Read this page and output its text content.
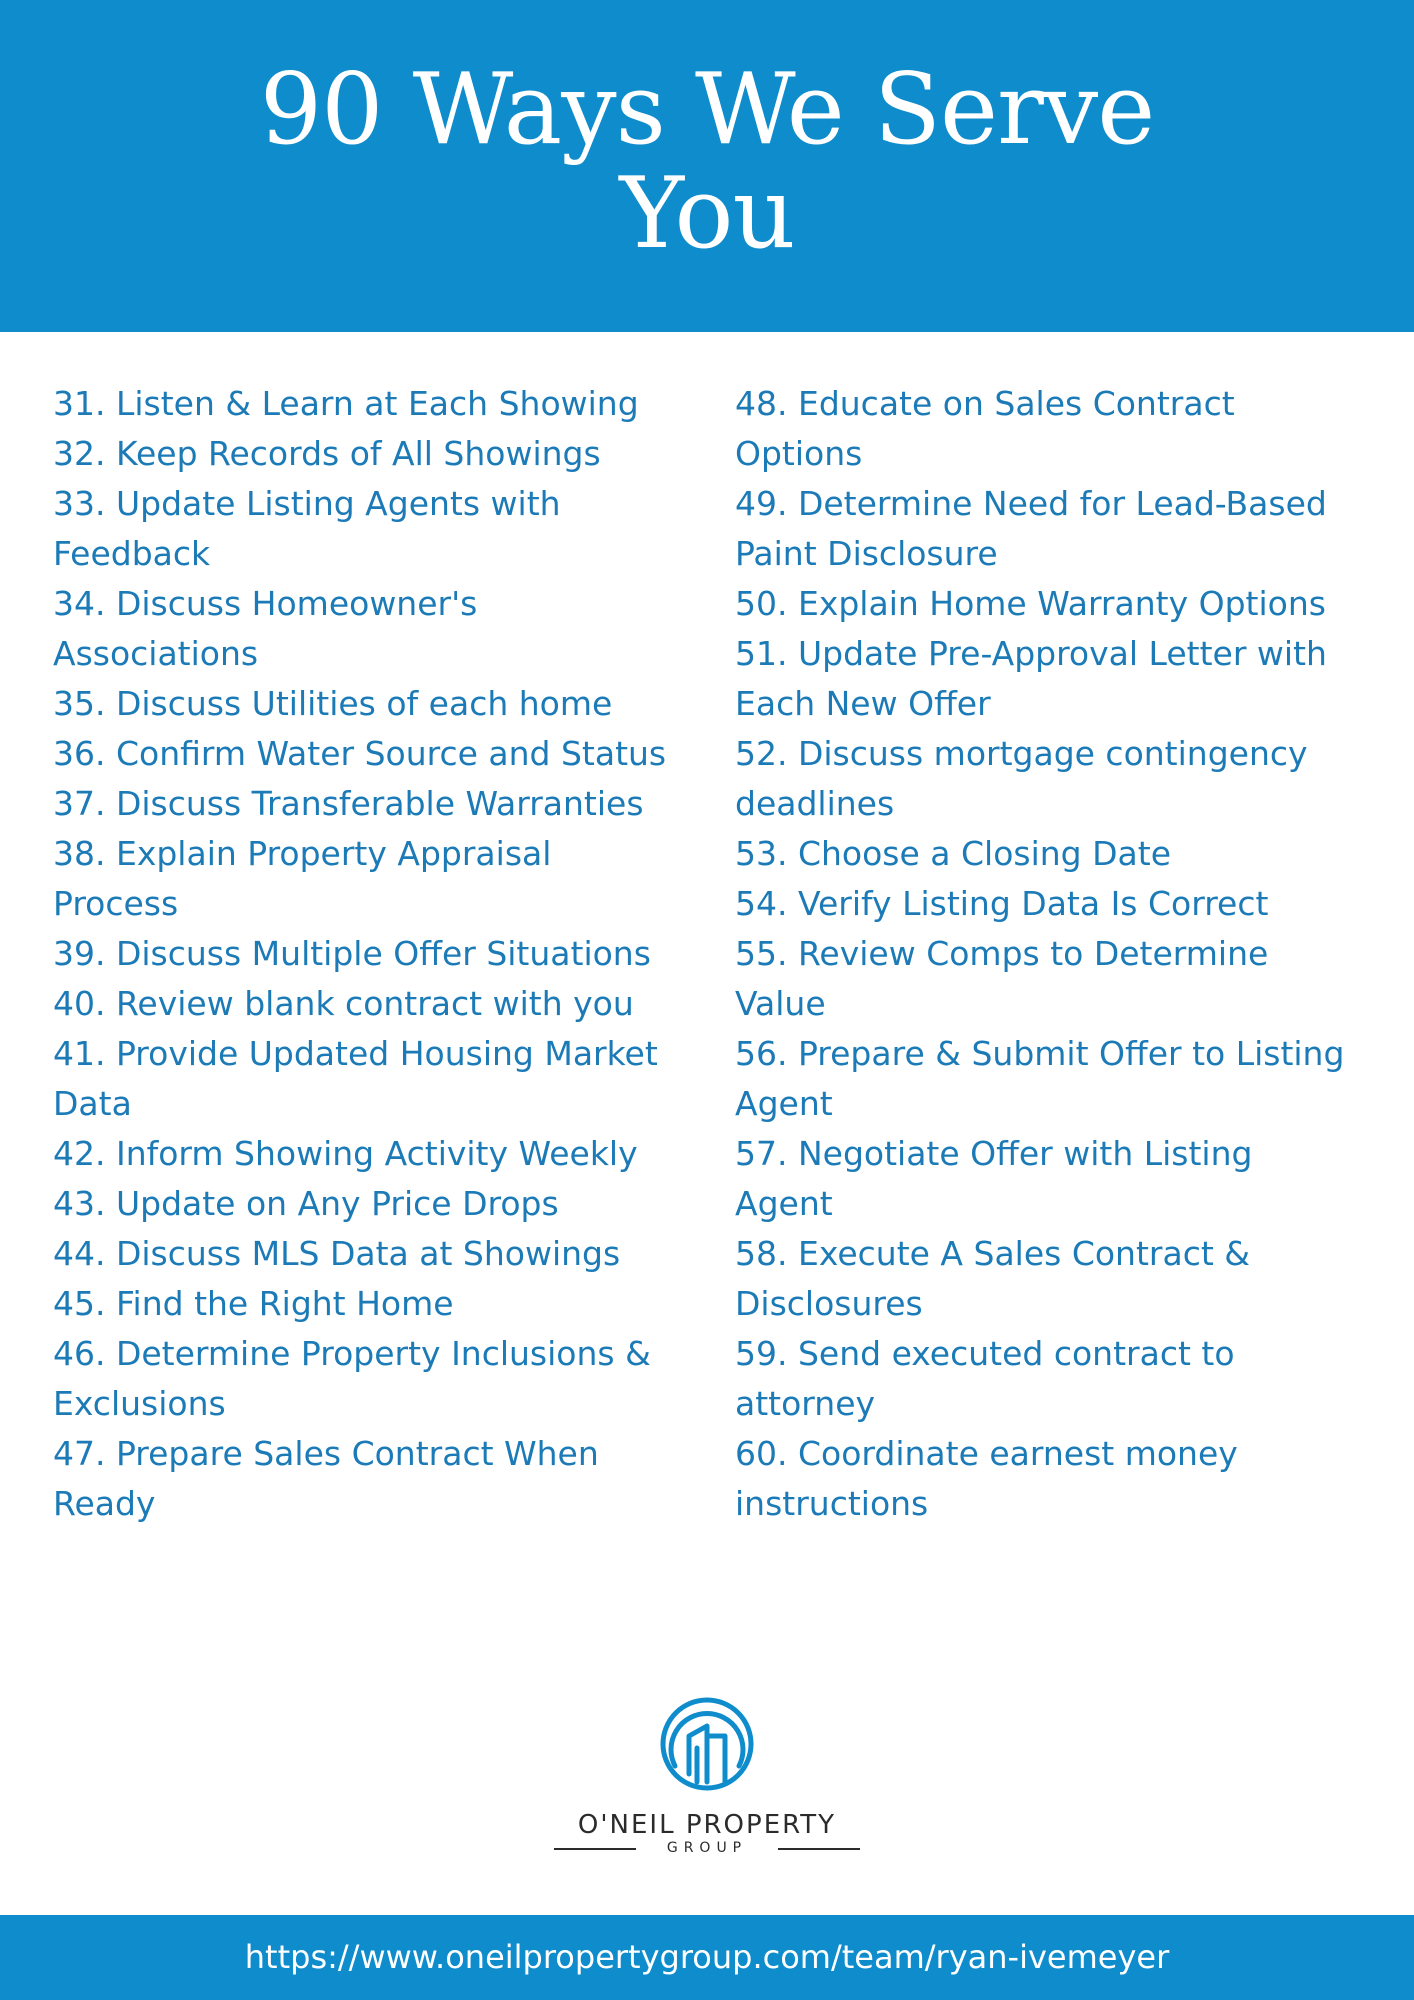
90 Ways We Serve You
31. Listen & Learn at Each Showing
32. Keep Records of All Showings
33. Update Listing Agents with Feedback
34. Discuss Homeowner's Associations
35. Discuss Utilities of each home
36. Confirm Water Source and Status
37. Discuss Transferable Warranties
38. Explain Property Appraisal Process
39. Discuss Multiple Offer Situations
40. Review blank contract with you
41. Provide Updated Housing Market Data
42. Inform Showing Activity Weekly
43. Update on Any Price Drops
44. Discuss MLS Data at Showings
45. Find the Right Home
46. Determine Property Inclusions & Exclusions
47. Prepare Sales Contract When Ready
48. Educate on Sales Contract Options
49. Determine Need for Lead-Based Paint Disclosure
50. Explain Home Warranty Options
51. Update Pre-Approval Letter with Each New Offer
52. Discuss mortgage contingency deadlines
53. Choose a Closing Date
54. Verify Listing Data Is Correct
55. Review Comps to Determine Value
56. Prepare & Submit Offer to Listing Agent
57. Negotiate Offer with Listing Agent
58. Execute A Sales Contract & Disclosures
59. Send executed contract to attorney
60. Coordinate earnest money instructions
O'NEIL PROPERTY
GROUP
https://www.oneilpropertygroup.com/team/ryan-ivemeyer
